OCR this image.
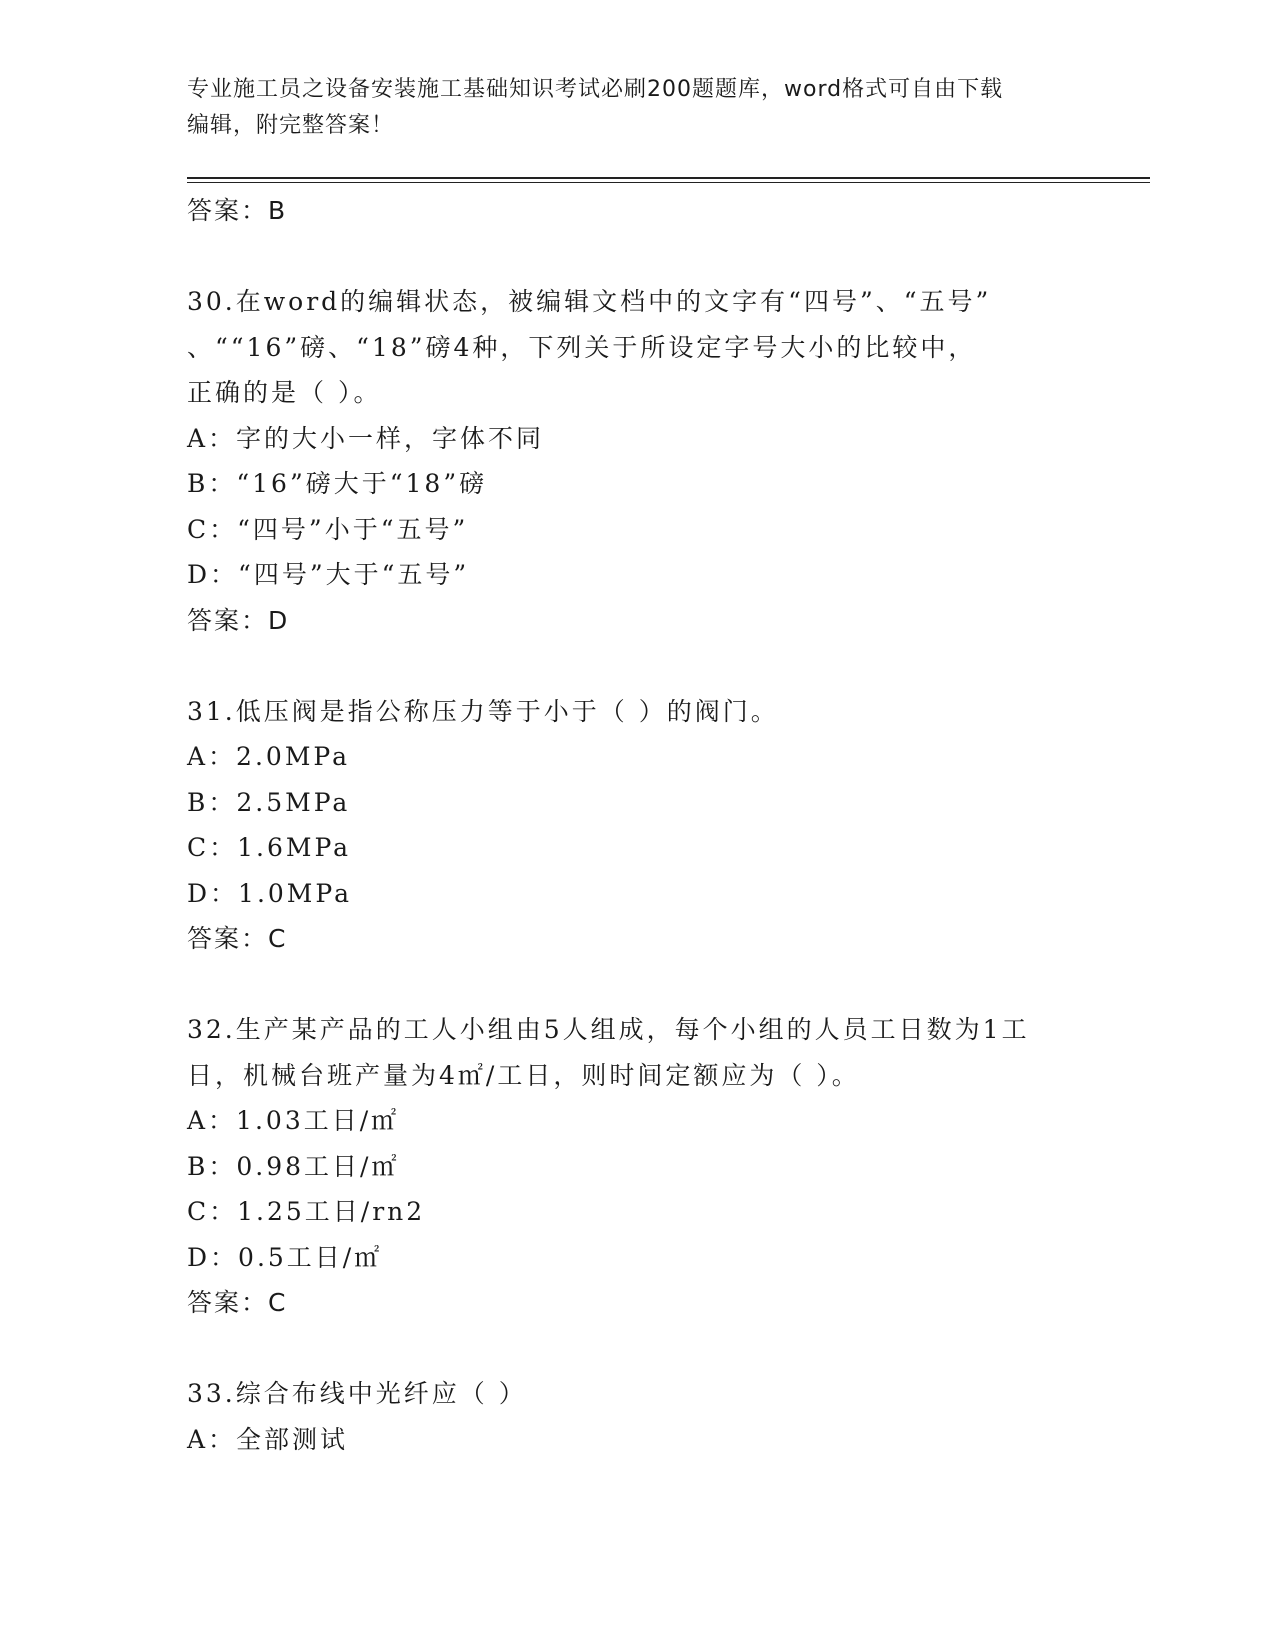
专业施工员之设备安装施工基础知识考试必刷200题题库，word格式可自由下载
编辑，附完整答案！
答案：B
30.在word的编辑状态，被编辑文档中的文字有“四号”、“五号”
、““16”磅、“18”磅4种，下列关于所设定字号大小的比较中，
正确的是（ ）。
A：字的大小一样，字体不同
B：“16”磅大于“18”磅
C：“四号”小于“五号”
D：“四号”大于“五号”
答案：D
31.低压阀是指公称压力等于小于（ ）的阀门。
A：2.0MPa
B：2.5MPa
C：1.6MPa
D：1.0MPa
答案：C
32.生产某产品的工人小组由5人组成，每个小组的人员工日数为1工
日，机械台班产量为4㎡/工日，则时间定额应为（ ）。
A：1.03工日/㎡
B：0.98工日/㎡
C：1.25工日/rn2
D：0.5工日/㎡
答案：C
33.综合布线中光纤应（ ）
A：全部测试
